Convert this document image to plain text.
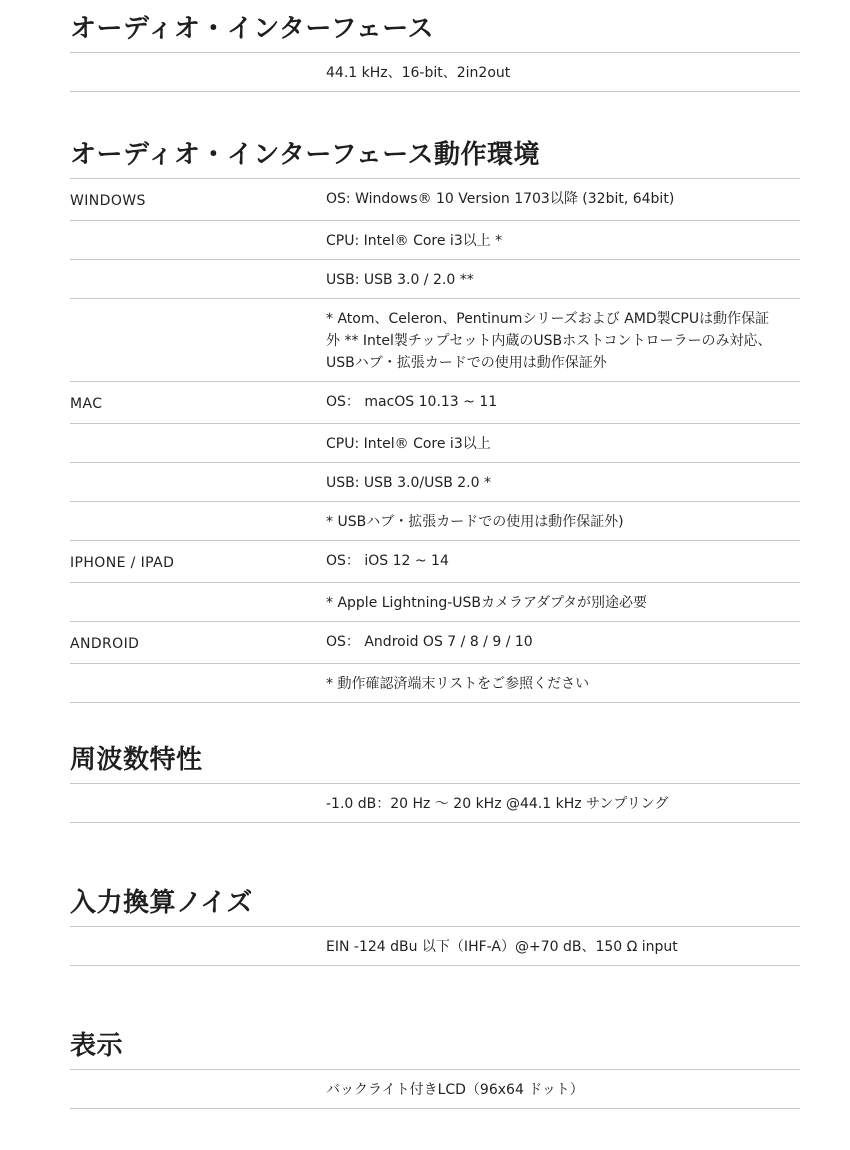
オーディオ・インターフェース
44.1 kHz、16-bit、2in2out
オーディオ・インターフェース動作環境
WINDOWS	OS: Windows® 10 Version 1703以降 (32bit, 64bit)
CPU: Intel® Core i3以上 *
USB: USB 3.0 / 2.0 **
* Atom、Celeron、Pentinumシリーズおよび AMD製CPUは動作保証外 ** Intel製チップセット内蔵のUSBホストコントローラーのみ対応、USBハブ・拡張カードでの使用は動作保証外
MAC	OS： macOS 10.13 ~ 11
CPU: Intel® Core i3以上
USB: USB 3.0/USB 2.0 *
* USBハブ・拡張カードでの使用は動作保証外)
IPHONE / IPAD	OS： iOS 12 ~ 14
* Apple Lightning-USBカメラアダプタが別途必要
ANDROID	OS： Android OS 7 / 8 / 9 / 10
* 動作確認済端末リストをご参照ください
周波数特性
-1.0 dB：20 Hz ～ 20 kHz @44.1 kHz サンプリング
入力換算ノイズ
EIN -124 dBu 以下（IHF-A）@+70 dB、150 Ω input
表示
バックライト付きLCD（96x64 ドット）
